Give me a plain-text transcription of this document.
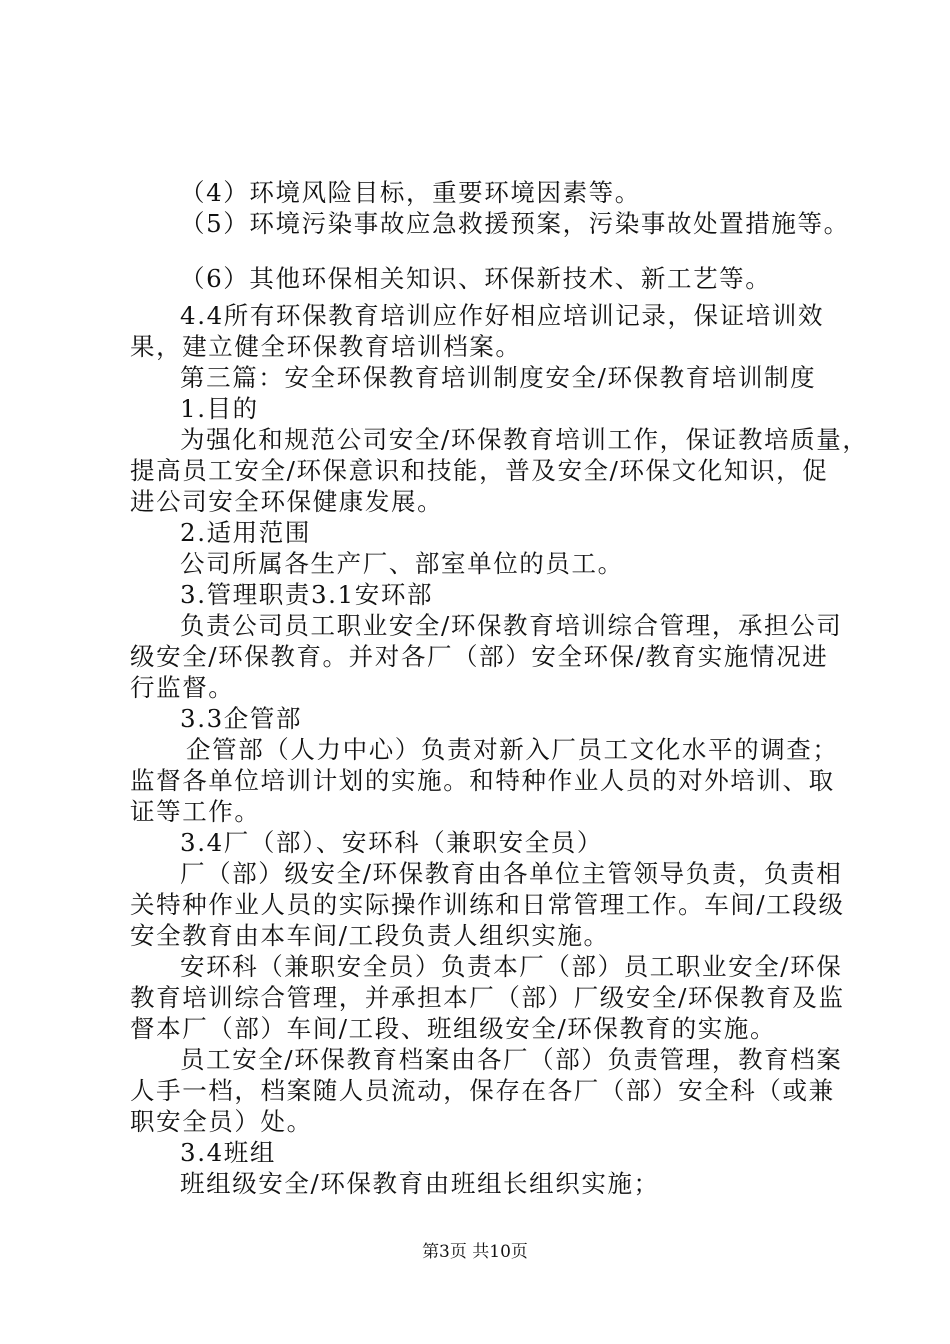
（4）环境风险目标，重要环境因素等。
（5）环境污染事故应急救援预案，污染事故处置措施等。
（6）其他环保相关知识、环保新技术、新工艺等。
4.4所有环保教育培训应作好相应培训记录，保证培训效
果，建立健全环保教育培训档案。
第三篇：安全环保教育培训制度安全/环保教育培训制度
1.目的
为强化和规范公司安全/环保教育培训工作，保证教培质量，
提高员工安全/环保意识和技能，普及安全/环保文化知识，促
进公司安全环保健康发展。
2.适用范围
公司所属各生产厂、部室单位的员工。
3.管理职责3.1安环部
负责公司员工职业安全/环保教育培训综合管理，承担公司
级安全/环保教育。并对各厂（部）安全环保/教育实施情况进
行监督。
3.3企管部
企管部（人力中心）负责对新入厂员工文化水平的调查；
监督各单位培训计划的实施。和特种作业人员的对外培训、取
证等工作。
3.4厂（部）、安环科（兼职安全员）
厂（部）级安全/环保教育由各单位主管领导负责，负责相
关特种作业人员的实际操作训练和日常管理工作。车间/工段级
安全教育由本车间/工段负责人组织实施。
安环科（兼职安全员）负责本厂（部）员工职业安全/环保
教育培训综合管理，并承担本厂（部）厂级安全/环保教育及监
督本厂（部）车间/工段、班组级安全/环保教育的实施。
员工安全/环保教育档案由各厂（部）负责管理，教育档案
人手一档，档案随人员流动，保存在各厂（部）安全科（或兼
职安全员）处。
3.4班组
班组级安全/环保教育由班组长组织实施；
第3页 共10页
